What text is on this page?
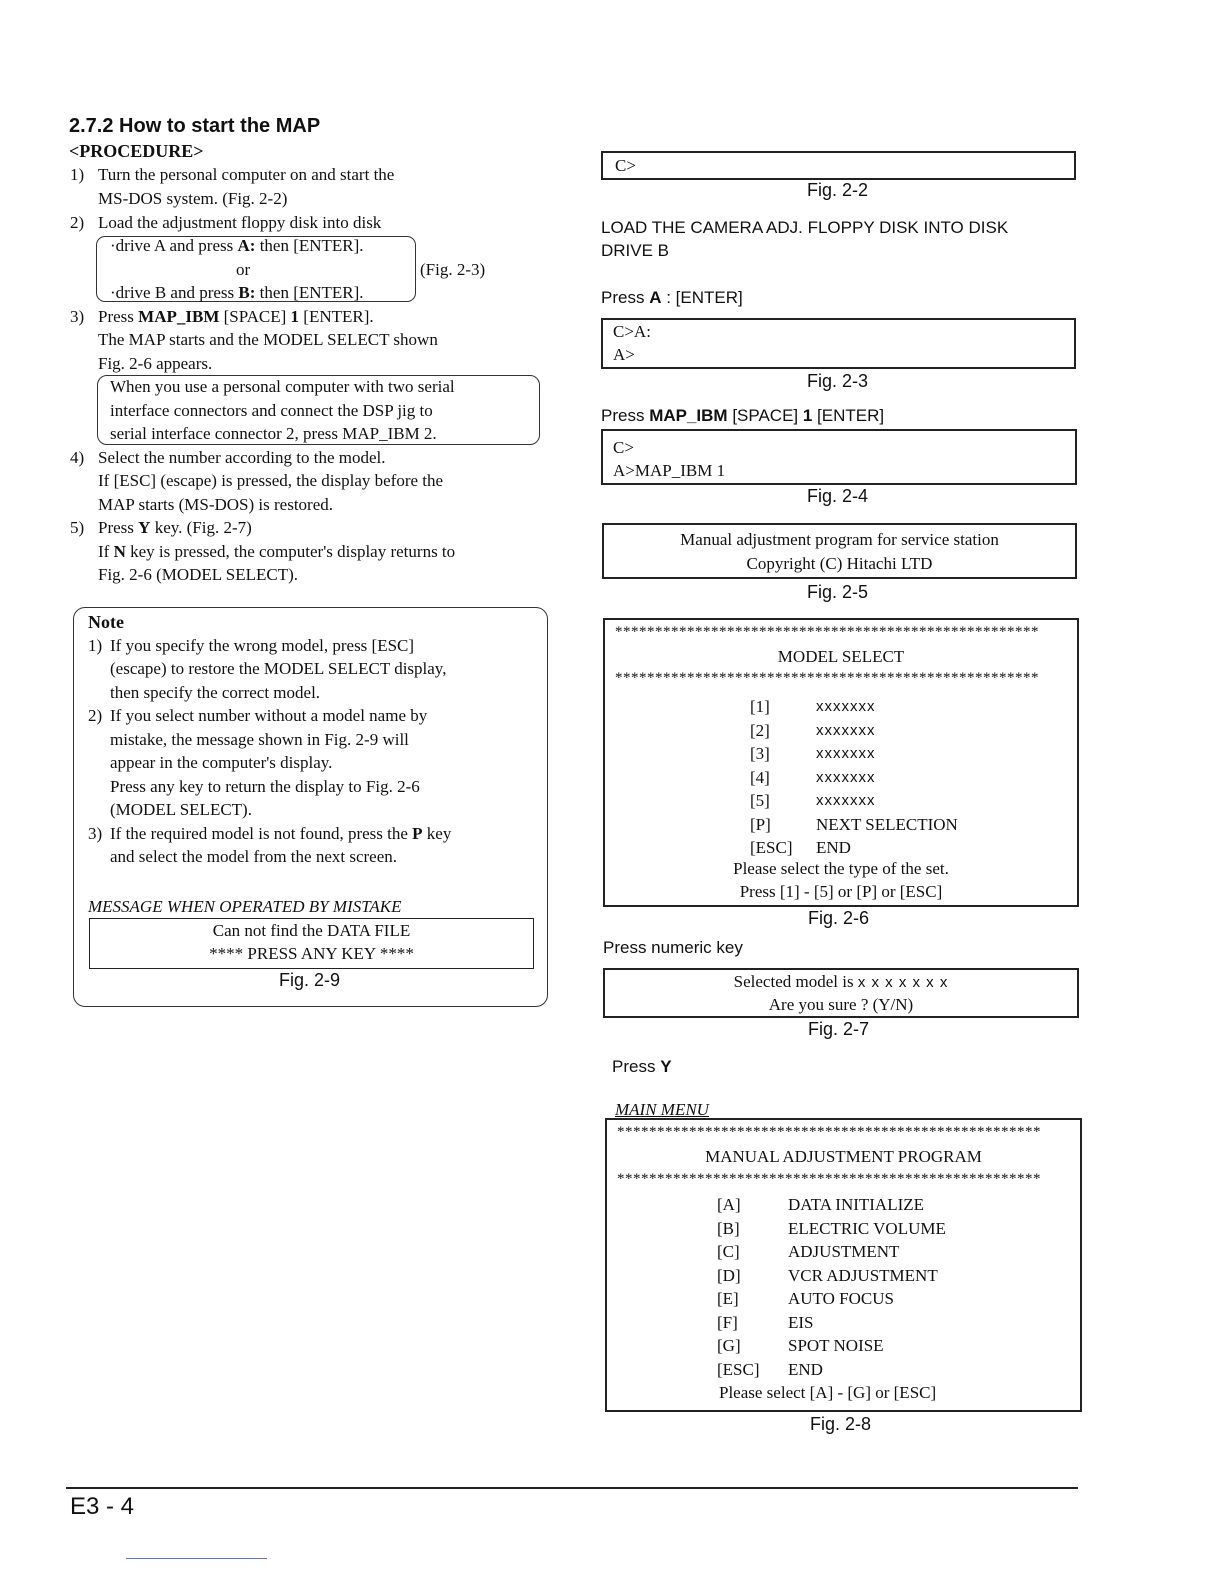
2.7.2 How to start the MAP
<PROCEDURE>
1) Turn the personal computer on and start the
MS-DOS system. (Fig. 2-2)
2) Load the adjustment floppy disk into disk
·drive A and press A: then [ENTER].
or	(Fig. 2-3)
·drive B and press B: then [ENTER].
3) Press MAP_IBM [SPACE] 1 [ENTER].
The MAP starts and the MODEL SELECT shown
Fig. 2-6 appears.
When you use a personal computer with two serial
interface connectors and connect the DSP jig to
serial interface connector 2, press MAP_IBM 2.
4) Select the number according to the model.
If [ESC] (escape) is pressed, the display before the
MAP starts (MS-DOS) is restored.
5) Press Y key. (Fig. 2-7)
If N key is pressed, the computer's display returns to
Fig. 2-6 (MODEL SELECT).
Note
1) If you specify the wrong model, press [ESC]
(escape) to restore the MODEL SELECT display,
then specify the correct model.
2) If you select number without a model name by
mistake, the message shown in Fig. 2-9 will
appear in the computer's display.
Press any key to return the display to Fig. 2-6
(MODEL SELECT).
3) If the required model is not found, press the P key
and select the model from the next screen.
MESSAGE WHEN OPERATED BY MISTAKE
Can not find the DATA FILE
**** PRESS ANY KEY ****
Fig. 2-9
C>
Fig. 2-2
LOAD THE CAMERA ADJ. FLOPPY DISK INTO DISK
DRIVE B
Press A : [ENTER]
C>A:
A>
Fig. 2-3
Press MAP_IBM [SPACE] 1 [ENTER]
C>
A>MAP_IBM 1
Fig. 2-4
Manual adjustment program for service station
Copyright (C) Hitachi LTD
Fig. 2-5
*****************************************************
MODEL SELECT
*****************************************************
[1]	xxxxxxx
[2]	xxxxxxx
[3]	xxxxxxx
[4]	xxxxxxx
[5]	xxxxxxx
[P]	NEXT SELECTION
[ESC] END
Please select the type of the set.
Press [1] - [5] or [P] or [ESC]
Fig. 2-6
Press numeric key
Selected model is x x x x x x x
Are you sure ? (Y/N)
Fig. 2-7
Press Y
MAIN MENU
*****************************************************
MANUAL ADJUSTMENT PROGRAM
*****************************************************
[A]	DATA INITIALIZE
[B]	ELECTRIC VOLUME
[C]	ADJUSTMENT
[D]	VCR ADJUSTMENT
[E]	AUTO FOCUS
[F]	EIS
[G]	SPOT NOISE
[ESC] END
Please select [A] - [G] or [ESC]
Fig. 2-8
E3 - 4
